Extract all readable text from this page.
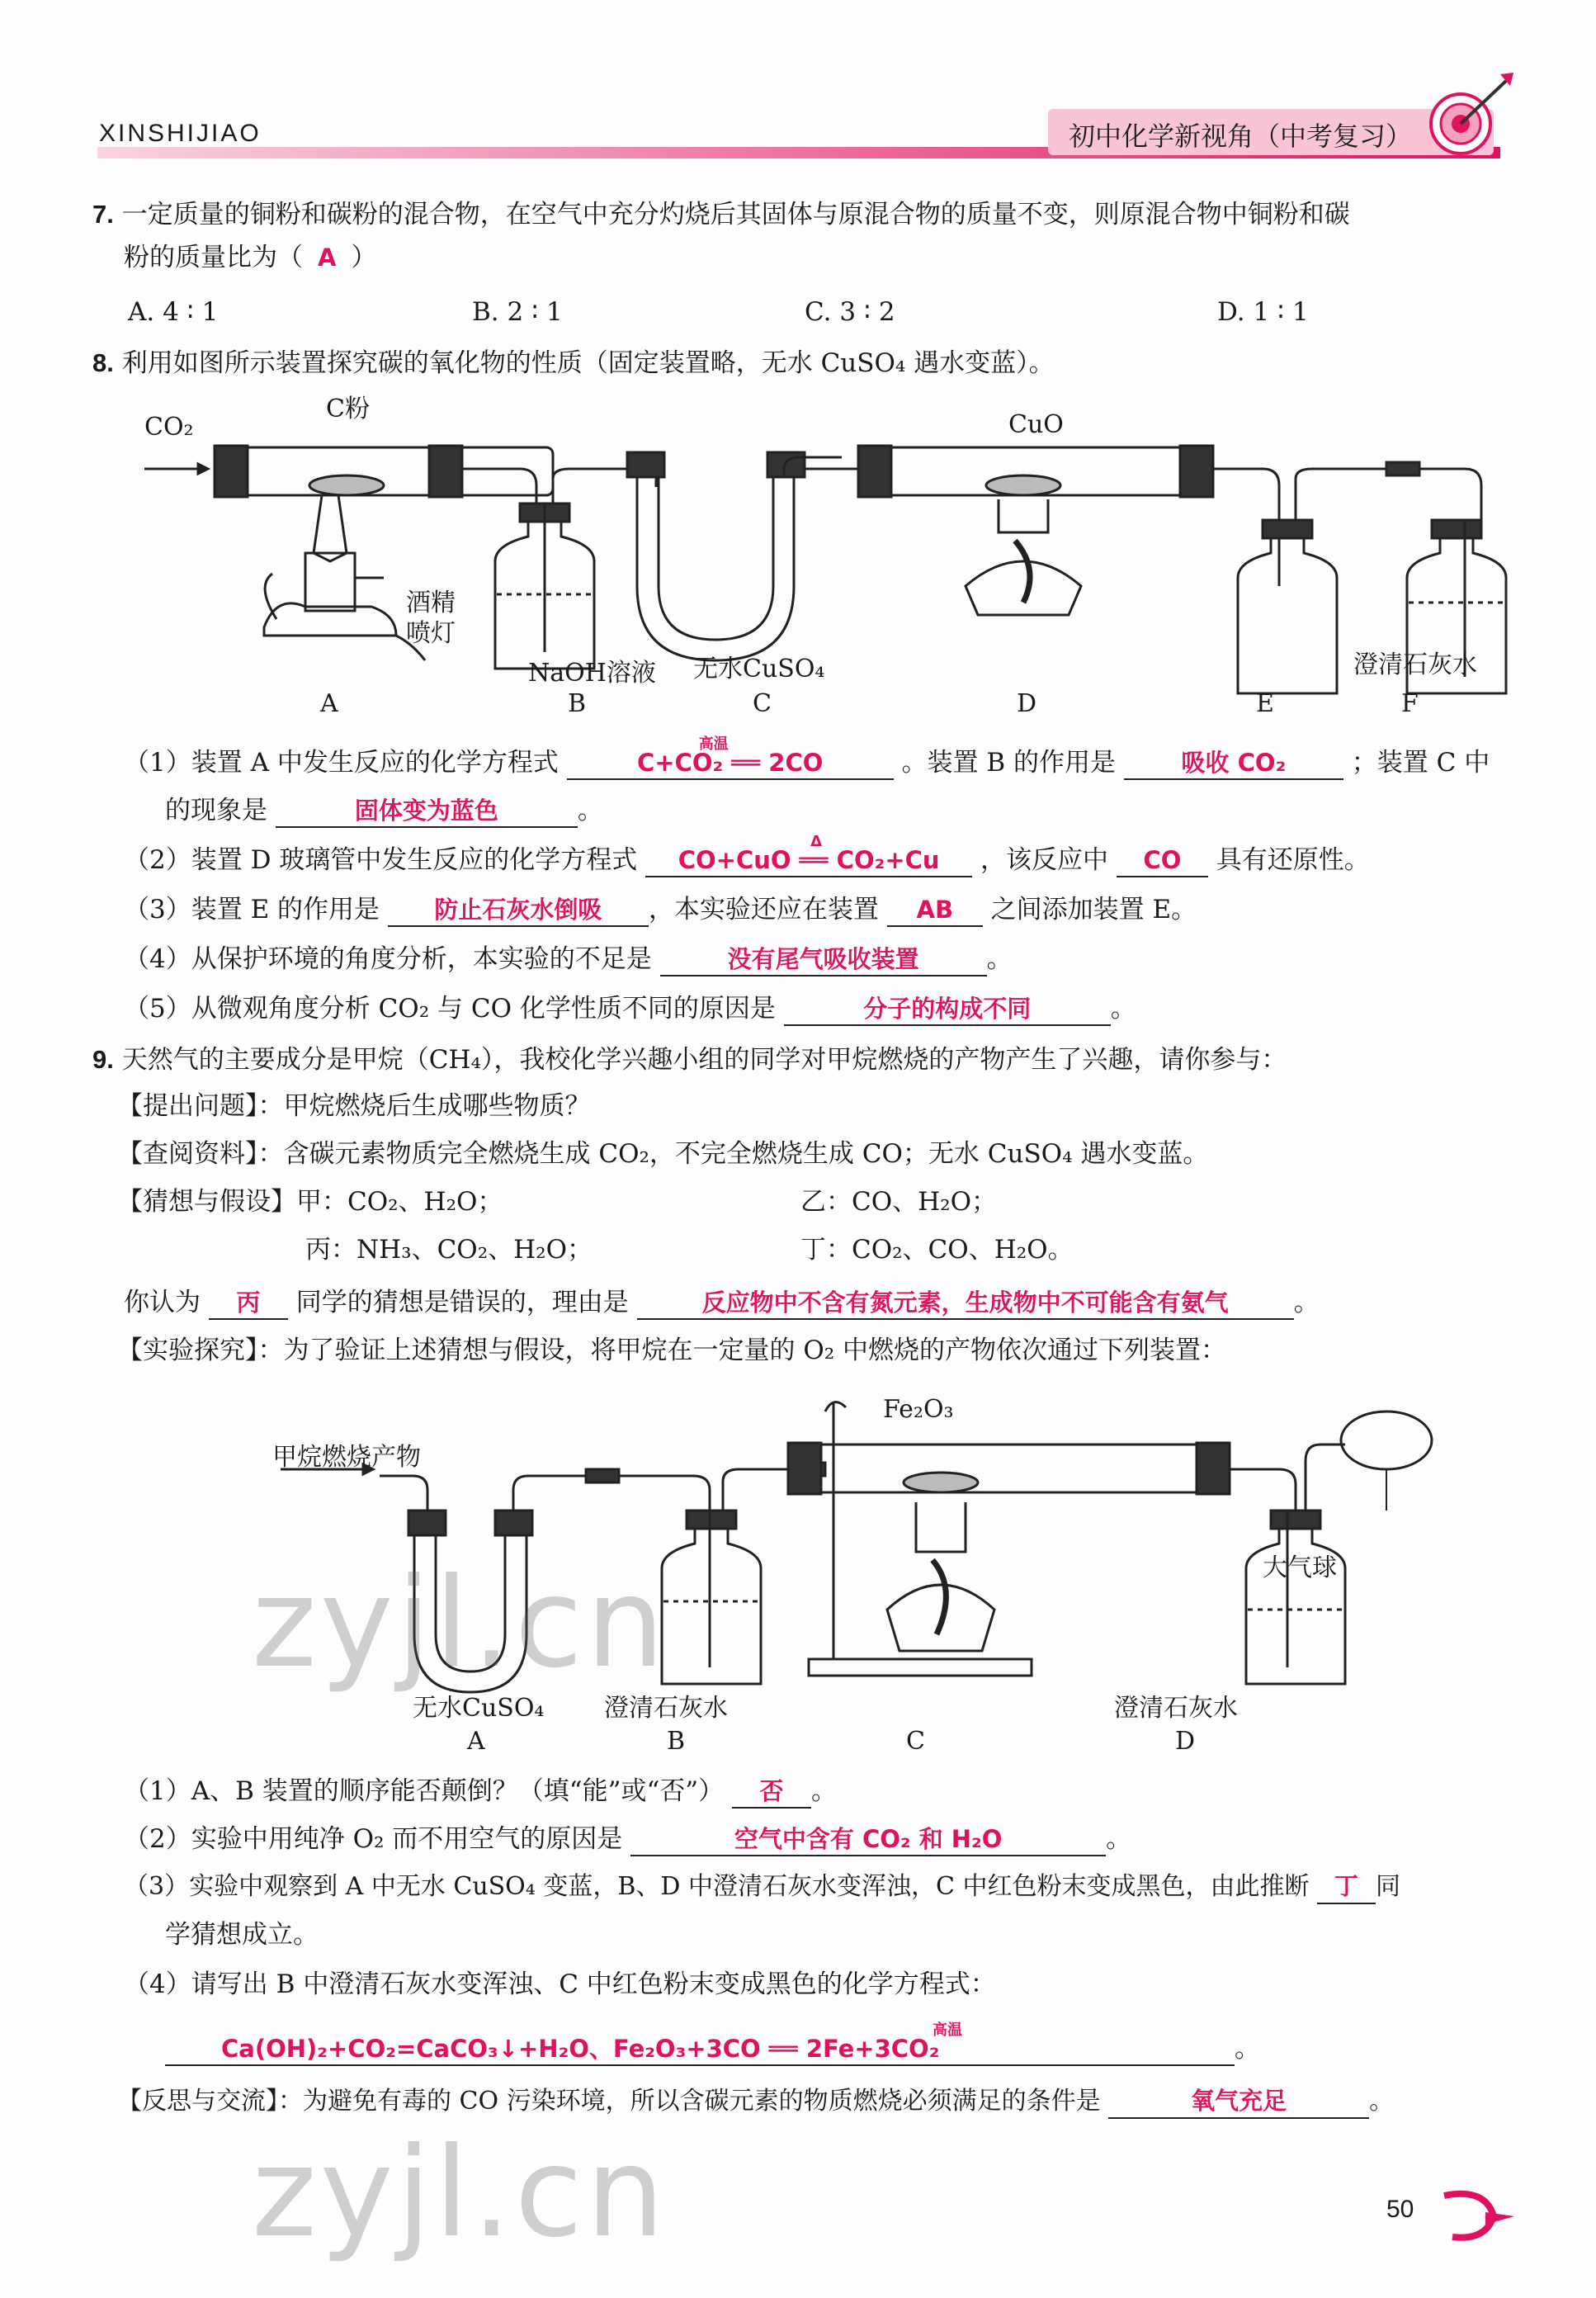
XINSHIJIAO	初中化学新视角（中考复习）
7. 一定质量的铜粉和碳粉的混合物，在空气中充分灼烧后其固体与原混合物的质量不变，则原混合物中铜粉和碳
粉的质量比为（ A ）
A. 4 ∶ 1	B. 2 ∶ 1	C. 3 ∶ 2	D. 1 ∶ 1
8. 利用如图所示装置探究碳的氧化物的性质（固定装置略，无水 CuSO₄ 遇水变蓝）。
CO₂
C粉
CuO
酒精
喷灯
NaOH溶液 无水CuSO₄	澄清石灰水
A	B	C	D	E	F
（1）装置 A 中发生反应的化学方程式	C+CO₂ ══ 2CO
高温
。装置 B 的作用是	吸收 CO₂	；装置 C 中
的现象是	固体变为蓝色	。
（2）装置 D 玻璃管中发生反应的化学方程式 CO+CuO ══ CO₂+Cu
Δ
，该反应中 CO 具有还原性。
（3）装置 E 的作用是 防止石灰水倒吸 ，本实验还应在装置 AB 之间添加装置 E。
（4）从保护环境的角度分析，本实验的不足是	没有尾气吸收装置	。
（5）从微观角度分析 CO₂ 与 CO 化学性质不同的原因是	分子的构成不同	。
9. 天然气的主要成分是甲烷（CH₄），我校化学兴趣小组的同学对甲烷燃烧的产物产生了兴趣，请你参与：
【提出问题】：甲烷燃烧后生成哪些物质？
【查阅资料】：含碳元素物质完全燃烧生成 CO₂，不完全燃烧生成 CO；无水 CuSO₄ 遇水变蓝。
【猜想与假设】甲：CO₂、H₂O；	乙：CO、H₂O；
丙：NH₃、CO₂、H₂O；	丁：CO₂、CO、H₂O。
你认为 丙 同学的猜想是错误的，理由是	反应物中不含有氮元素，生成物中不可能含有氨气	。
【实验探究】：为了验证上述猜想与假设，将甲烷在一定量的 O₂ 中燃烧的产物依次通过下列装置：
甲烷燃烧产物
Fe₂O₃
大气球
无水CuSO₄ 澄清石灰水	澄清石灰水
A	B	C	D
（1）A、B 装置的顺序能否颠倒？（填“能”或“否”） 否 。
（2）实验中用纯净 O₂ 而不用空气的原因是	空气中含有 CO₂ 和 H₂O	。
（3）实验中观察到 A 中无水 CuSO₄ 变蓝，B、D 中澄清石灰水变浑浊，C 中红色粉末变成黑色，由此推断 丁 同
学猜想成立。
（4）请写出 B 中澄清石灰水变浑浊、C 中红色粉末变成黑色的化学方程式：
Ca(OH)₂+CO₂=CaCO₃↓+H₂O、Fe₂O₃+3CO ══ 2Fe+3CO₂
高温
。
【反思与交流】：为避免有毒的 CO 污染环境，所以含碳元素的物质燃烧必须满足的条件是	氧气充足	。
zyjl.cn
zyjl.cn	50
